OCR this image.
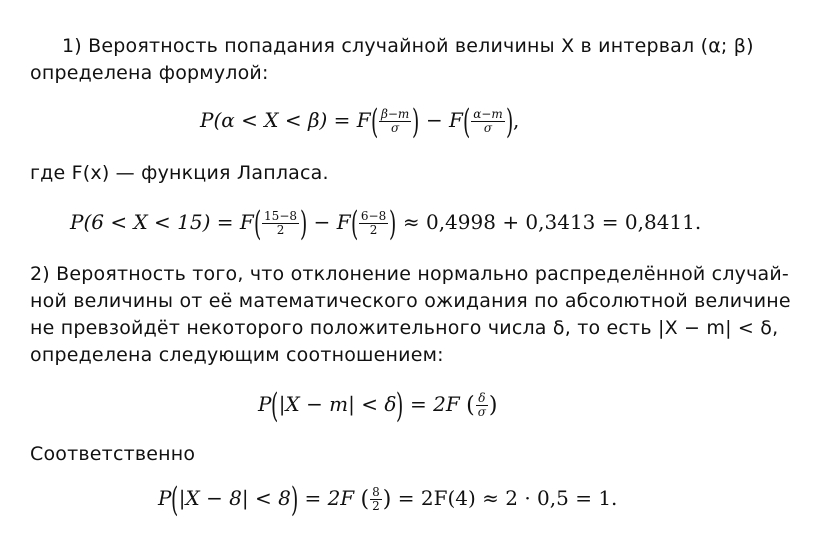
1) Вероятность попадания случайной величины X в интервал (α; β)
определена формулой:
$P(\alpha < X < \beta) = F( \frac{\beta-m}{\sigma}$ ) − $F( \frac{\alpha-m}{\sigma}$ ),
где F(x) — функция Лапласа.
$P(6 < X < 15) = F( \frac{15-8}{2}$ ) − $F( \frac{6-8}{2}$ ) ≈ 0,4998 + 0,3413 = 0,8411.
2) Вероятность того, что отклонение нормально распределённой случай-
ной величины от её математического ожидания по абсолютной величине
не превзойдёт некоторого положительного числа δ, то есть |X − m| < δ,
определена следующим соотношением:
P(|X − m| < δ) = 2F ( $\frac{\delta}{\sigma}$ )
Соответственно
P(|X − 8| < 8) = 2F ( $\frac{8}{2}$ ) = 2F(4) ≈ 2 · 0,5 = 1.
